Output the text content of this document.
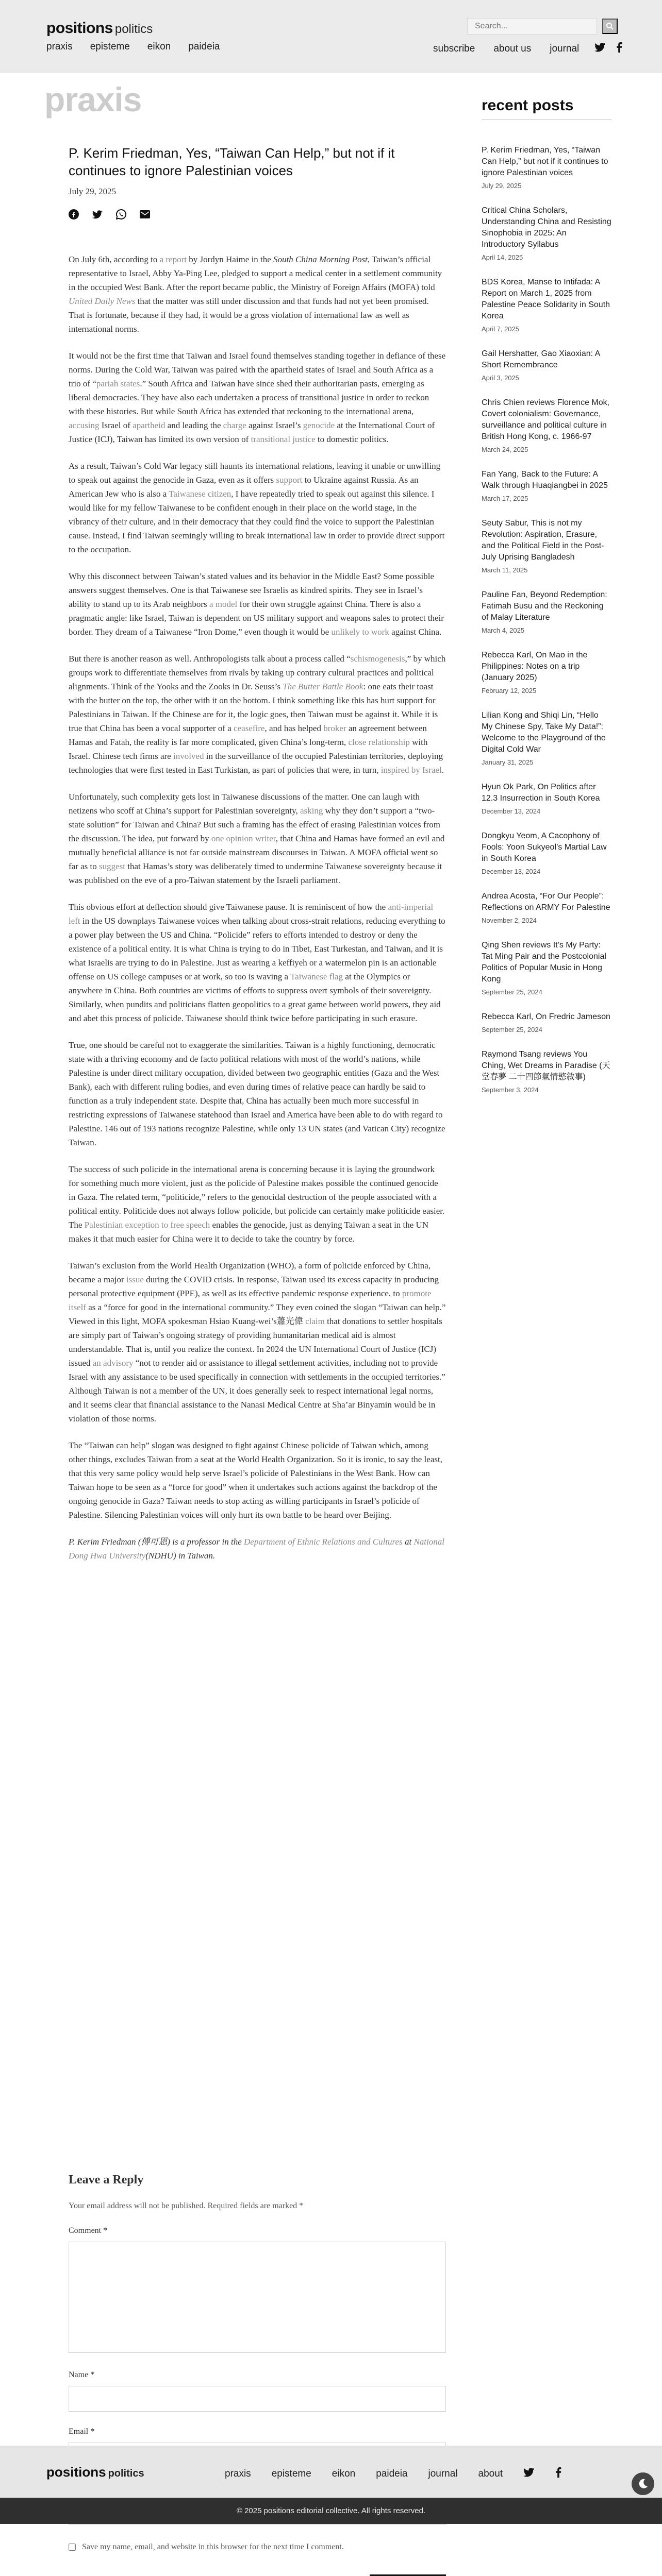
positions politics
praxis episteme eikon paideia
Search...	subscribe about us journal
praxis
P. Kerim Friedman, Yes, “Taiwan Can Help,” but not if it continues to ignore Palestinian voices
July 29, 2025

On July 6th, according to a report by Jordyn Haime in the South China Morning Post, Taiwan’s official representative to Israel, Abby Ya-Ping Lee, pledged to support a medical center in a settlement community in the occupied West Bank. After the report became public, the Ministry of Foreign Affairs (MOFA) told United Daily News that the matter was still under discussion and that funds had not yet been promised. That is fortunate, because if they had, it would be a gross violation of international law as well as international norms.

It would not be the first time that Taiwan and Israel found themselves standing together in defiance of these norms. During the Cold War, Taiwan was paired with the apartheid states of Israel and South Africa as a trio of “pariah states.” South Africa and Taiwan have since shed their authoritarian pasts, emerging as liberal democracies. They have also each undertaken a process of transitional justice in order to reckon with these histories. But while South Africa has extended that reckoning to the international arena, accusing Israel of apartheid and leading the charge against Israel’s genocide at the International Court of Justice (ICJ), Taiwan has limited its own version of transitional justice to domestic politics.

As a result, Taiwan’s Cold War legacy still haunts its international relations, leaving it unable or unwilling to speak out against the genocide in Gaza, even as it offers support to Ukraine against Russia. As an American Jew who is also a Taiwanese citizen, I have repeatedly tried to speak out against this silence. I would like for my fellow Taiwanese to be confident enough in their place on the world stage, in the vibrancy of their culture, and in their democracy that they could find the voice to support the Palestinian cause. Instead, I find Taiwan seemingly willing to break international law in order to provide direct support to the occupation.

Why this disconnect between Taiwan’s stated values and its behavior in the Middle East? Some possible answers suggest themselves. One is that Taiwanese see Israelis as kindred spirits. They see in Israel’s ability to stand up to its Arab neighbors a model for their own struggle against China. There is also a pragmatic angle: like Israel, Taiwan is dependent on US military support and weapons sales to protect their border. They dream of a Taiwanese “Iron Dome,” even though it would be unlikely to work against China.

But there is another reason as well. Anthropologists talk about a process called “schismogenesis,” by which groups work to differentiate themselves from rivals by taking up contrary cultural practices and political alignments. Think of the Yooks and the Zooks in Dr. Seuss’s The Butter Battle Book: one eats their toast with the butter on the top, the other with it on the bottom. I think something like this has hurt support for Palestinians in Taiwan. If the Chinese are for it, the logic goes, then Taiwan must be against it. While it is true that China has been a vocal supporter of a ceasefire, and has helped broker an agreement between Hamas and Fatah, the reality is far more complicated, given China’s long-term, close relationship with Israel. Chinese tech firms are involved in the surveillance of the occupied Palestinian territories, deploying technologies that were first tested in East Turkistan, as part of policies that were, in turn, inspired by Israel.

Unfortunately, such complexity gets lost in Taiwanese discussions of the matter. One can laugh with netizens who scoff at China’s support for Palestinian sovereignty, asking why they don’t support a “two-state solution” for Taiwan and China? But such a framing has the effect of erasing Palestinian voices from the discussion. The idea, put forward by one opinion writer, that China and Hamas have formed an evil and mutually beneficial alliance is not far outside mainstream discourses in Taiwan. A MOFA official went so far as to suggest that Hamas’s story was deliberately timed to undermine Taiwanese sovereignty because it was published on the eve of a pro-Taiwan statement by the Israeli parliament.

This obvious effort at deflection should give Taiwanese pause. It is reminiscent of how the anti-imperial left in the US downplays Taiwanese voices when talking about cross-strait relations, reducing everything to a power play between the US and China. “Policide” refers to efforts intended to destroy or deny the existence of a political entity. It is what China is trying to do in Tibet, East Turkestan, and Taiwan, and it is what Israelis are trying to do in Palestine. Just as wearing a keffiyeh or a watermelon pin is an actionable offense on US college campuses or at work, so too is waving a Taiwanese flag at the Olympics or anywhere in China. Both countries are victims of efforts to suppress overt symbols of their sovereignty. Similarly, when pundits and politicians flatten geopolitics to a great game between world powers, they aid and abet this process of policide. Taiwanese should think twice before participating in such erasure.

True, one should be careful not to exaggerate the similarities. Taiwan is a highly functioning, democratic state with a thriving economy and de facto political relations with most of the world’s nations, while Palestine is under direct military occupation, divided between two geographic entities (Gaza and the West Bank), each with different ruling bodies, and even during times of relative peace can hardly be said to function as a truly independent state. Despite that, China has actually been much more successful in restricting expressions of Taiwanese statehood than Israel and America have been able to do with regard to Palestine. 146 out of 193 nations recognize Palestine, while only 13 UN states (and Vatican City) recognize Taiwan.

The success of such policide in the international arena is concerning because it is laying the groundwork for something much more violent, just as the policide of Palestine makes possible the continued genocide in Gaza. The related term, “politicide,” refers to the genocidal destruction of the people associated with a political entity. Politicide does not always follow policide, but policide can certainly make politicide easier. The Palestinian exception to free speech enables the genocide, just as denying Taiwan a seat in the UN makes it that much easier for China were it to decide to take the country by force.

Taiwan’s exclusion from the World Health Organization (WHO), a form of policide enforced by China, became a major issue during the COVID crisis. In response, Taiwan used its excess capacity in producing personal protective equipment (PPE), as well as its effective pandemic response experience, to promote itself as a “force for good in the international community.” They even coined the slogan “Taiwan can help.” Viewed in this light, MOFA spokesman Hsiao Kuang-wei’s蕭光偉 claim that donations to settler hospitals are simply part of Taiwan’s ongoing strategy of providing humanitarian medical aid is almost understandable. That is, until you realize the context. In 2024 the UN International Court of Justice (ICJ) issued an advisory “not to render aid or assistance to illegal settlement activities, including not to provide Israel with any assistance to be used specifically in connection with settlements in the occupied territories.” Although Taiwan is not a member of the UN, it does generally seek to respect international legal norms, and it seems clear that financial assistance to the Nanasi Medical Centre at Sha’ar Binyamin would be in violation of those norms.

The “Taiwan can help” slogan was designed to fight against Chinese policide of Taiwan which, among other things, excludes Taiwan from a seat at the World Health Organization. So it is ironic, to say the least, that this very same policy would help serve Israel’s policide of Palestinians in the West Bank. How can Taiwan hope to be seen as a “force for good” when it undertakes such actions against the backdrop of the ongoing genocide in Gaza? Taiwan needs to stop acting as willing participants in Israel’s policide of Palestine. Silencing Palestinian voices will only hurt its own battle to be heard over Beijing.

P. Kerim Friedman (傅可恩) is a professor in the Department of Ethnic Relations and Cultures at National Dong Hwa University(NDHU) in Taiwan.

Leave a Reply

Your email address will not be published. Required fields are marked *

Comment *
Name *
Email *
Save my name, email, and website in this browser for the next time I comment.
recent posts
P. Kerim Friedman, Yes, “Taiwan Can Help,” but not if it continues to ignore Palestinian voices
July 29, 2025
Critical China Scholars, Understanding China and Resisting Sinophobia in 2025: An Introductory Syllabus
April 14, 2025
BDS Korea, Manse to Intifada: A Report on March 1, 2025 from Palestine Peace Solidarity in South Korea
April 7, 2025
Gail Hershatter, Gao Xiaoxian: A Short Remembrance
April 3, 2025
Chris Chien reviews Florence Mok, Covert colonialism: Governance, surveillance and political culture in British Hong Kong, c. 1966-97
March 24, 2025
Fan Yang, Back to the Future: A Walk through Huaqiangbei in 2025
March 17, 2025
Seuty Sabur, This is not my Revolution: Aspiration, Erasure, and the Political Field in the Post-July Uprising Bangladesh
March 11, 2025
Pauline Fan, Beyond Redemption: Fatimah Busu and the Reckoning of Malay Literature
March 4, 2025
Rebecca Karl, On Mao in the Philippines: Notes on a trip (January 2025)
February 12, 2025
Lilian Kong and Shiqi Lin, “Hello My Chinese Spy, Take My Data!”: Welcome to the Playground of the Digital Cold War
January 31, 2025
Hyun Ok Park, On Politics after 12.3 Insurrection in South Korea
December 13, 2024
Dongkyu Yeom, A Cacophony of Fools: Yoon Sukyeol’s Martial Law in South Korea
December 13, 2024
Andrea Acosta, “For Our People”: Reflections on ARMY For Palestine
November 2, 2024
Qing Shen reviews It’s My Party: Tat Ming Pair and the Postcolonial Politics of Popular Music in Hong Kong
September 25, 2024
Rebecca Karl, On Fredric Jameson
September 25, 2024
Raymond Tsang reviews You Ching, Wet Dreams in Paradise (天堂春夢 二十四節氣情慾敘事)
September 3, 2024
positions politics	praxis episteme eikon paideia journal about
© 2025 positions editorial collective. All rights reserved.
